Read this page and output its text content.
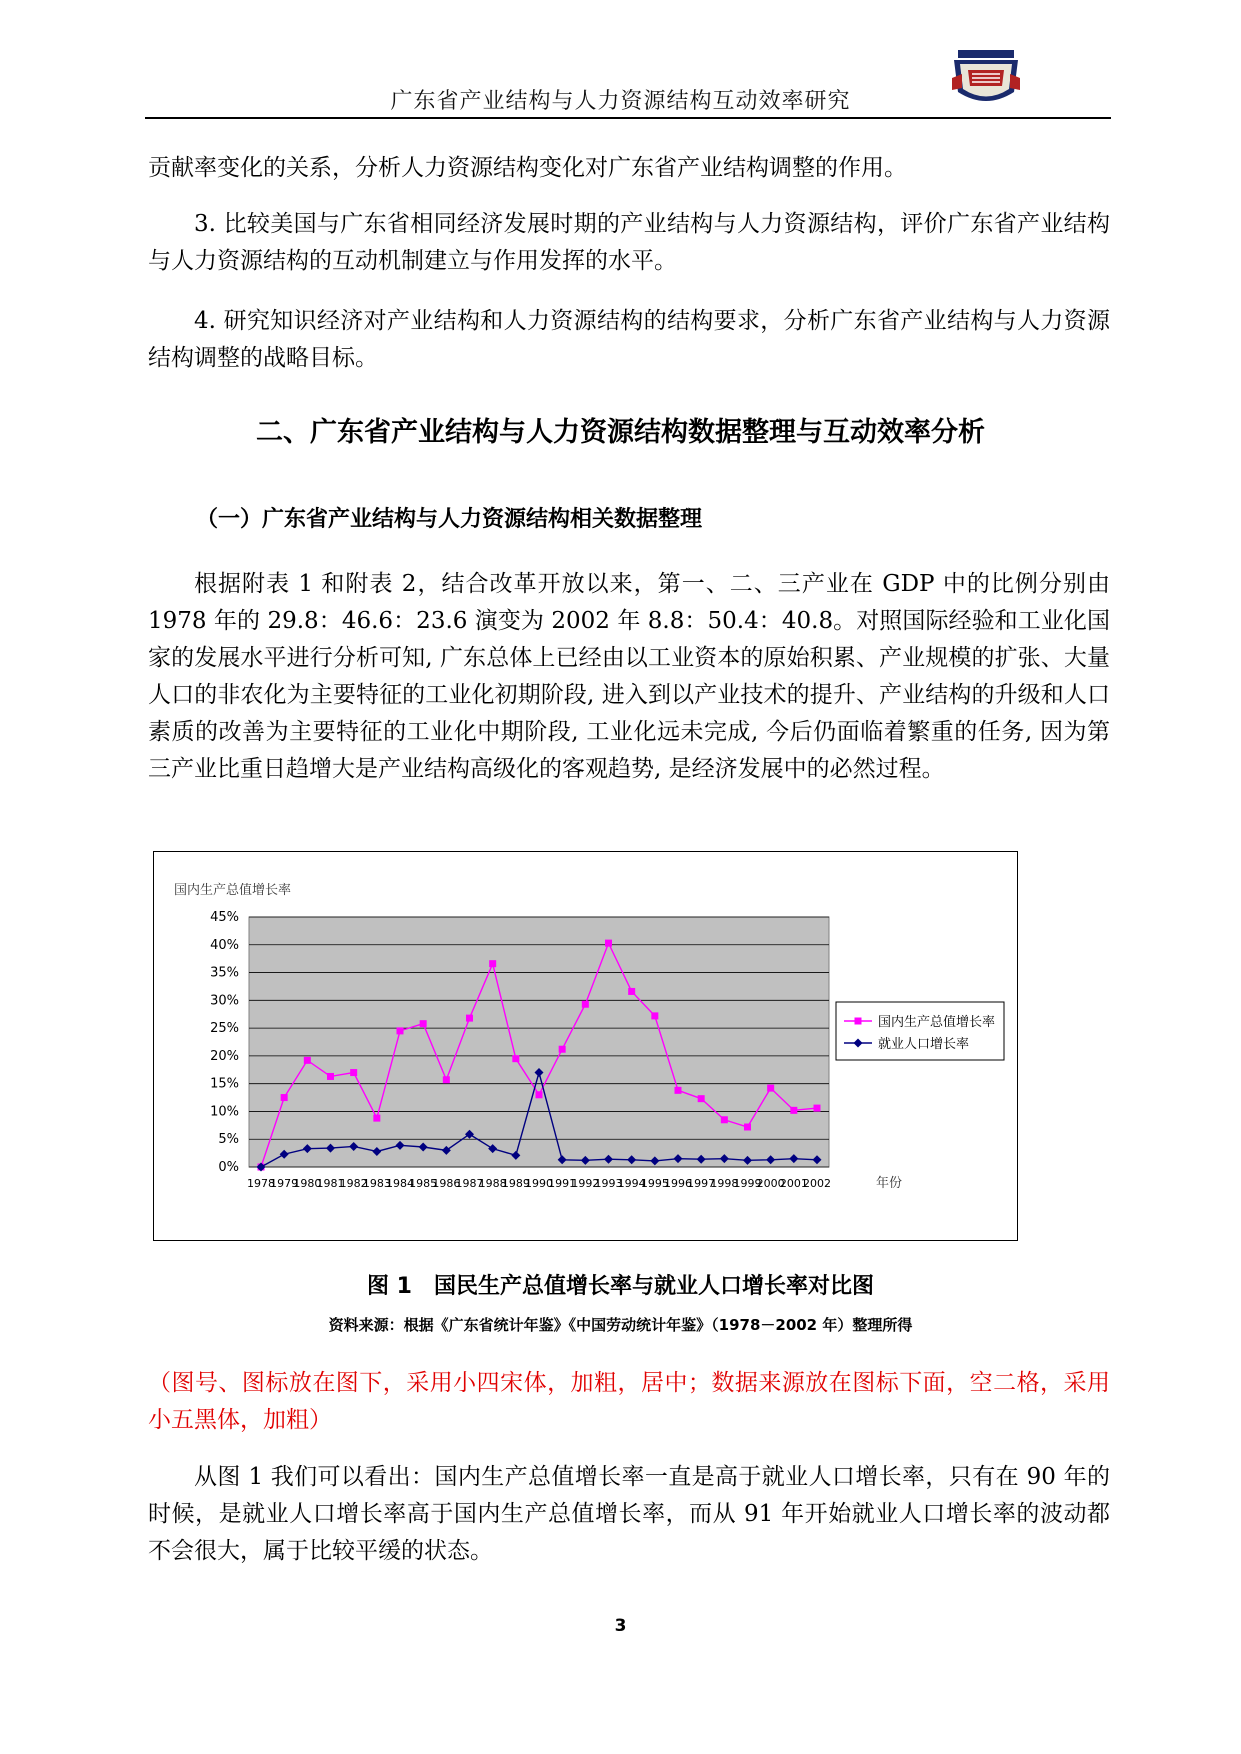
广东省产业结构与人力资源结构互动效率研究
贡献率变化的关系，分析人力资源结构变化对广东省产业结构调整的作用。
3. 比较美国与广东省相同经济发展时期的产业结构与人力资源结构，评价广东省产业结构与人力资源结构的互动机制建立与作用发挥的水平。
4. 研究知识经济对产业结构和人力资源结构的结构要求，分析广东省产业结构与人力资源结构调整的战略目标。
二、广东省产业结构与人力资源结构数据整理与互动效率分析
（一）广东省产业结构与人力资源结构相关数据整理
根据附表 1 和附表 2，结合改革开放以来，第一、二、三产业在 GDP 中的比例分别由 1978 年的 29.8：46.6：23.6 演变为 2002 年 8.8：50.4：40.8。对照国际经验和工业化国家的发展水平进行分析可知, 广东总体上已经由以工业资本的原始积累、产业规模的扩张、大量人口的非农化为主要特征的工业化初期阶段, 进入到以产业技术的提升、产业结构的升级和人口素质的改善为主要特征的工业化中期阶段, 工业化远未完成, 今后仍面临着繁重的任务, 因为第三产业比重日趋增大是产业结构高级化的客观趋势, 是经济发展中的必然过程。
国内生产总值增长率
0%
5%
10%
15%
20%
25%
30%
35%
40%
45%
1978
1979
1980
1981
1982
1983
1984
1985
1986
1987
1988
1989
1990
1991
1992
1993
1994
1995
1996
1997
1998
1999
2000
2001
2002	年份
国内生产总值增长率
就业人口增长率
图 1　国民生产总值增长率与就业人口增长率对比图
资料来源：根据《广东省统计年鉴》《中国劳动统计年鉴》（1978－2002 年）整理所得
（图号、图标放在图下，采用小四宋体，加粗，居中；数据来源放在图标下面，空二格，采用小五黑体，加粗）
从图 1 我们可以看出：国内生产总值增长率一直是高于就业人口增长率，只有在 90 年的时候，是就业人口增长率高于国内生产总值增长率，而从 91 年开始就业人口增长率的波动都不会很大，属于比较平缓的状态。
3
